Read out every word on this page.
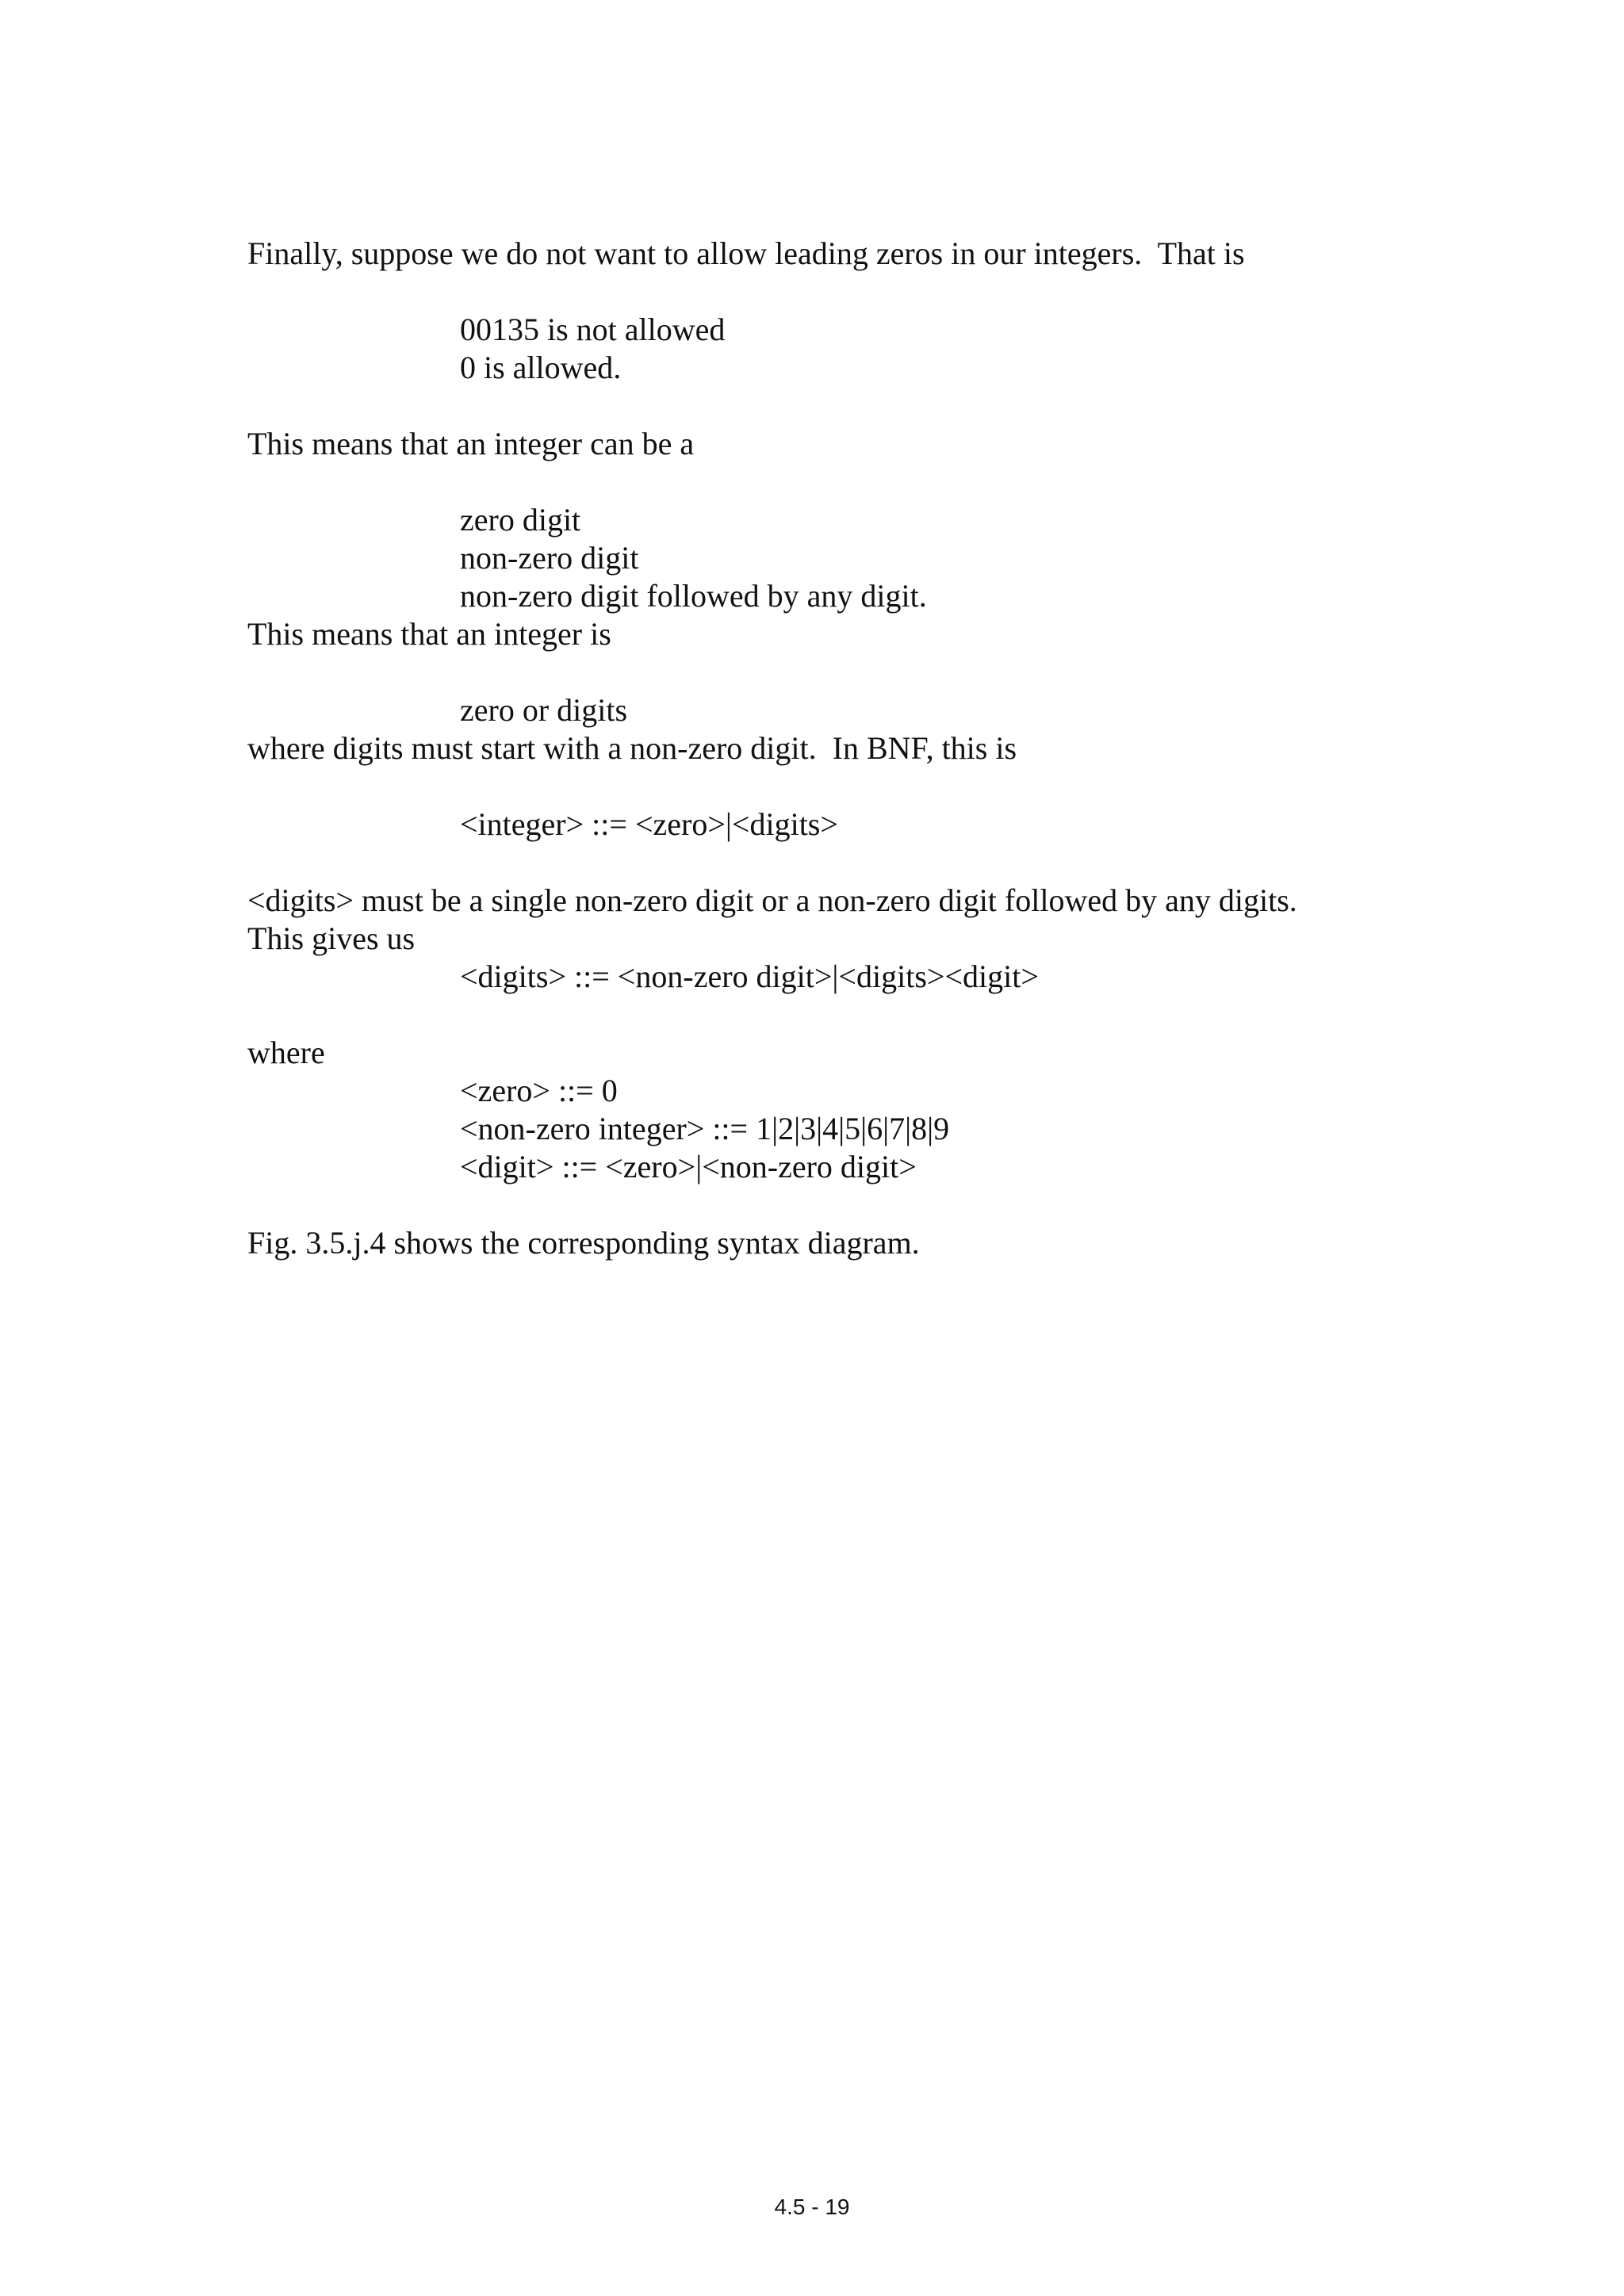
Finally, suppose we do not want to allow leading zeros in our integers.  That is

00135 is not allowed

0 is allowed.

This means that an integer can be a

zero digit

non-zero digit

non-zero digit followed by any digit.

This means that an integer is

zero or digits

where digits must start with a non-zero digit.  In BNF, this is

<integer> ::= <zero>|<digits>

<digits> must be a single non-zero digit or a non-zero digit followed by any digits.

This gives us

<digits> ::= <non-zero digit>|<digits><digit>

where

<zero> ::= 0

<non-zero integer> ::= 1|2|3|4|5|6|7|8|9

<digit> ::= <zero>|<non-zero digit>

Fig. 3.5.j.4 shows the corresponding syntax diagram.

4.5 - 19
